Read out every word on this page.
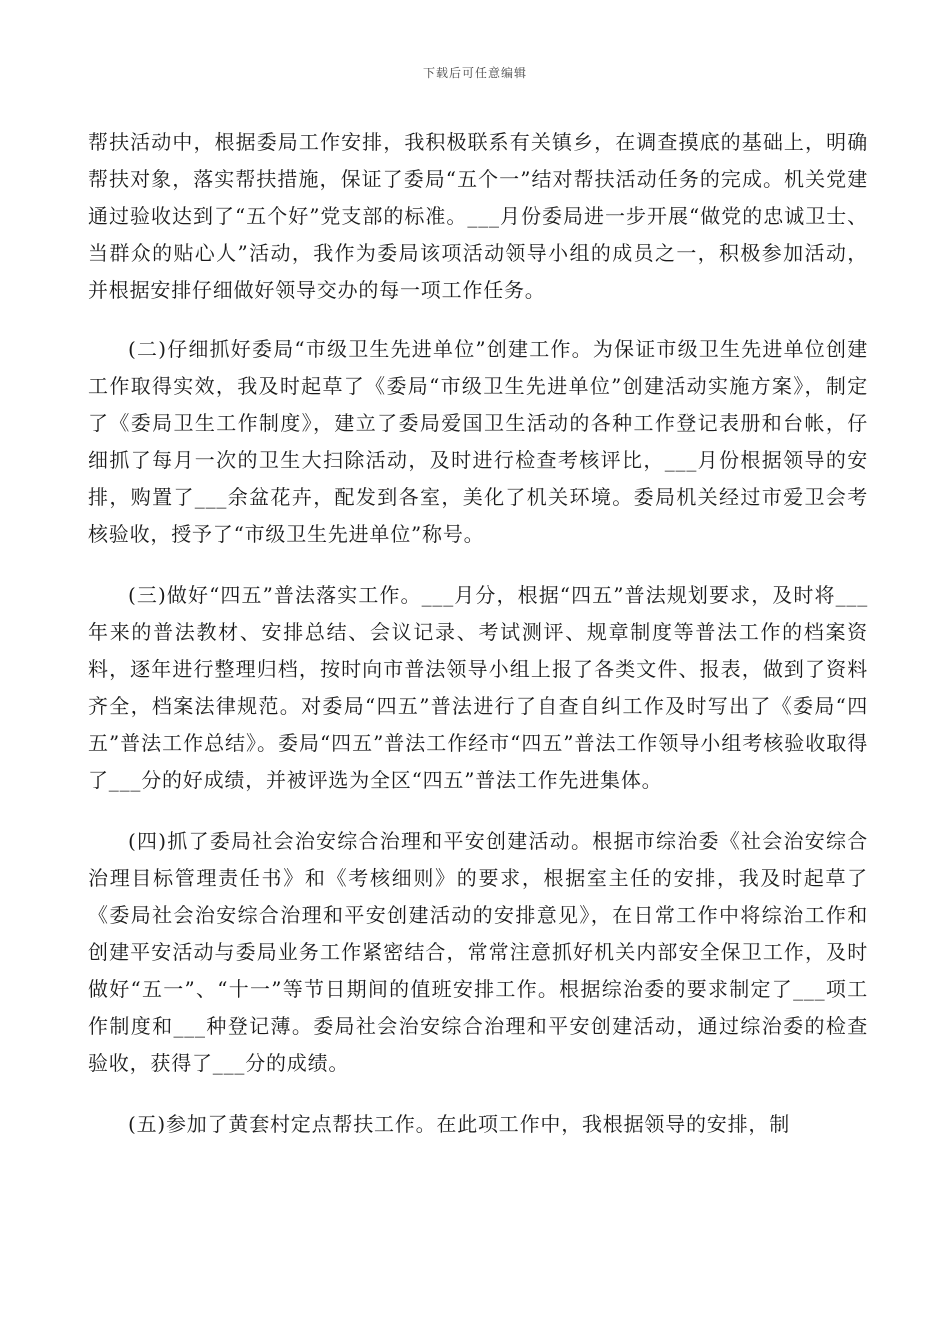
下载后可任意编辑

帮扶活动中，根据委局工作安排，我积极联系有关镇乡，在调查摸底的基础上，明确帮扶对象，落实帮扶措施，保证了委局“五个一”结对帮扶活动任务的完成。机关党建通过验收达到了“五个好”党支部的标准。___月份委局进一步开展“做党的忠诚卫士、当群众的贴心人”活动，我作为委局该项活动领导小组的成员之一，积极参加活动，并根据安排仔细做好领导交办的每一项工作任务。

(二)仔细抓好委局“市级卫生先进单位”创建工作。为保证市级卫生先进单位创建工作取得实效，我及时起草了《委局“市级卫生先进单位”创建活动实施方案》，制定了《委局卫生工作制度》，建立了委局爱国卫生活动的各种工作登记表册和台帐，仔细抓了每月一次的卫生大扫除活动，及时进行检查考核评比，___月份根据领导的安排，购置了___余盆花卉，配发到各室，美化了机关环境。委局机关经过市爱卫会考核验收，授予了“市级卫生先进单位”称号。

(三)做好“四五”普法落实工作。___月分，根据“四五”普法规划要求，及时将___年来的普法教材、安排总结、会议记录、考试测评、规章制度等普法工作的档案资料，逐年进行整理归档，按时向市普法领导小组上报了各类文件、报表，做到了资料齐全，档案法律规范。对委局“四五”普法进行了自查自纠工作及时写出了《委局“四五”普法工作总结》。委局“四五”普法工作经市“四五”普法工作领导小组考核验收取得了___分的好成绩，并被评选为全区“四五”普法工作先进集体。

(四)抓了委局社会治安综合治理和平安创建活动。根据市综治委《社会治安综合治理目标管理责任书》和《考核细则》的要求，根据室主任的安排，我及时起草了《委局社会治安综合治理和平安创建活动的安排意见》，在日常工作中将综治工作和创建平安活动与委局业务工作紧密结合，常常注意抓好机关内部安全保卫工作，及时做好“五一”、“十一”等节日期间的值班安排工作。根据综治委的要求制定了___项工作制度和___种登记薄。委局社会治安综合治理和平安创建活动，通过综治委的检查验收，获得了___分的成绩。

(五)参加了黄套村定点帮扶工作。在此项工作中，我根据领导的安排，制
